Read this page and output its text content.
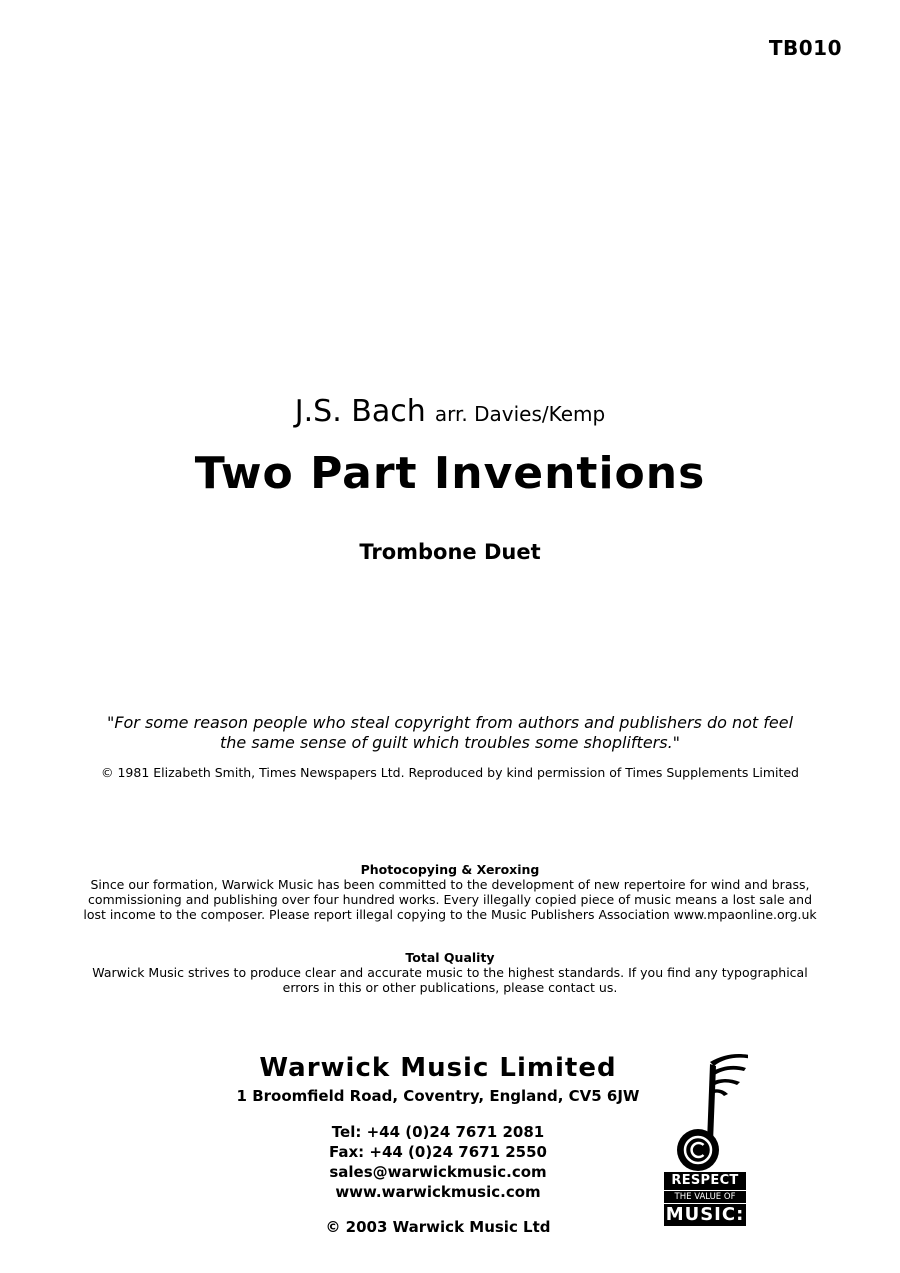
TB010
J.S. Bach arr. Davies/Kemp
Two Part Inventions
Trombone Duet
"For some reason people who steal copyright from authors and publishers do not feel
the same sense of guilt which troubles some shoplifters."
© 1981 Elizabeth Smith, Times Newspapers Ltd. Reproduced by kind permission of Times Supplements Limited
Photocopying & Xeroxing
Since our formation, Warwick Music has been committed to the development of new repertoire for wind and brass,
commissioning and publishing over four hundred works. Every illegally copied piece of music means a lost sale and
lost income to the composer. Please report illegal copying to the Music Publishers Association www.mpaonline.org.uk
Total Quality
Warwick Music strives to produce clear and accurate music to the highest standards. If you find any typographical
errors in this or other publications, please contact us.
Warwick Music Limited
1 Broomfield Road, Coventry, England, CV5 6JW
Tel: +44 (0)24 7671 2081
Fax: +44 (0)24 7671 2550
sales@warwickmusic.com
www.warwickmusic.com
© 2003 Warwick Music Ltd
RESPECT
THE VALUE OF
MUSIC:
